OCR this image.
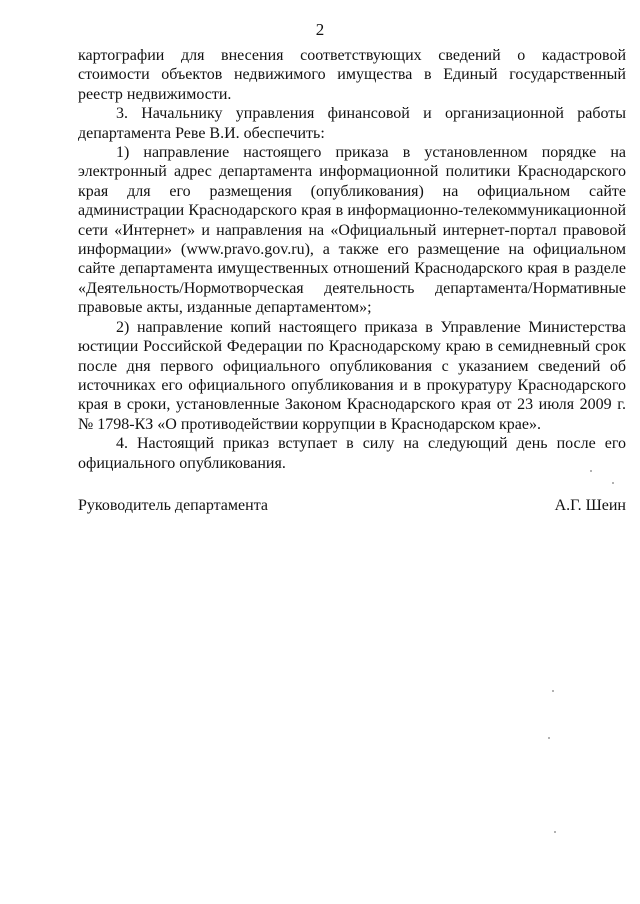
2

картографии для внесения соответствующих сведений о кадастровой стоимости объектов недвижимого имущества в Единый государственный реестр недвижимости.

3. Начальнику управления финансовой и организационной работы департамента Реве В.И. обеспечить:

1) направление настоящего приказа в установленном порядке на электронный адрес департамента информационной политики Краснодарского края для его размещения (опубликования) на официальном сайте администрации Краснодарского края в информационно-телекоммуникационной сети «Интернет» и направления на «Официальный интернет-портал правовой информации» (www.pravo.gov.ru), а также его размещение на официальном сайте департамента имущественных отношений Краснодарского края в разделе «Деятельность/Нормотворческая деятельность департамента/Нормативные правовые акты, изданные департаментом»;

2) направление копий настоящего приказа в Управление Министерства юстиции Российской Федерации по Краснодарскому краю в семидневный срок после дня первого официального опубликования с указанием сведений об источниках его официального опубликования и в прокуратуру Краснодарского края в сроки, установленные Законом Краснодарского края от 23 июля 2009 г. № 1798-КЗ «О противодействии коррупции в Краснодарском крае».

4. Настоящий приказ вступает в силу на следующий день после его официального опубликования.

Руководитель департамента	А.Г. Шеин
